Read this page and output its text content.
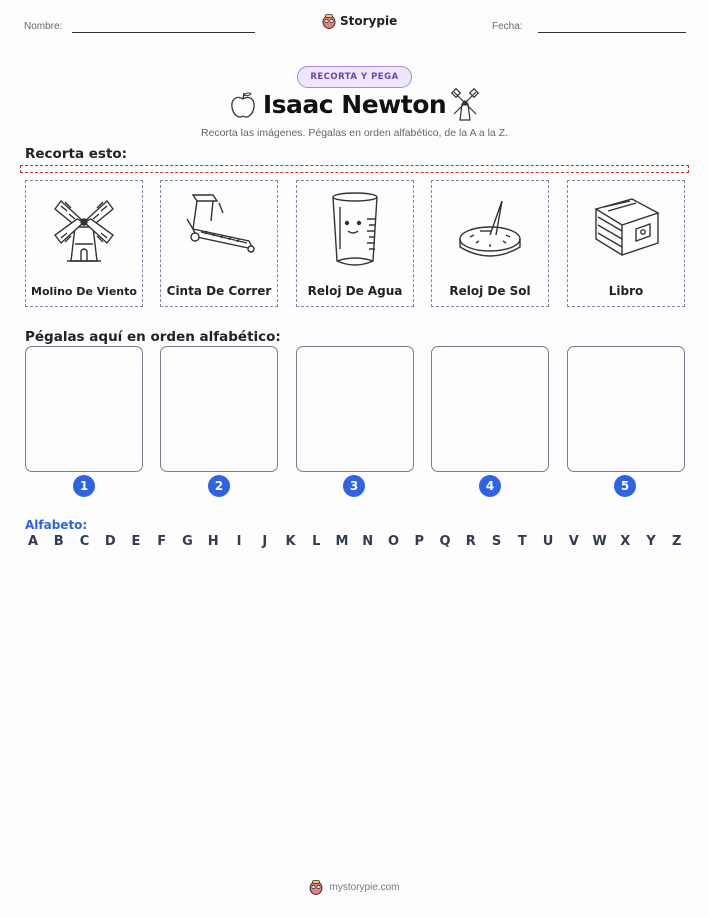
Nombre:	Storypie	Fecha:
RECORTA Y PEGA
Isaac Newton
Recorta las imágenes. Pégalas en orden alfabético, de la A a la Z.
Recorta esto:
Molino De Viento	Cinta De Correr	Reloj De Agua	Reloj De Sol	Libro
Pégalas aquí en orden alfabético:
1	2	3	4	5
Alfabeto:
A B C D E F G H	I	J	K L M N O P Q R S T U V W X Y Z
mystorypie.com
